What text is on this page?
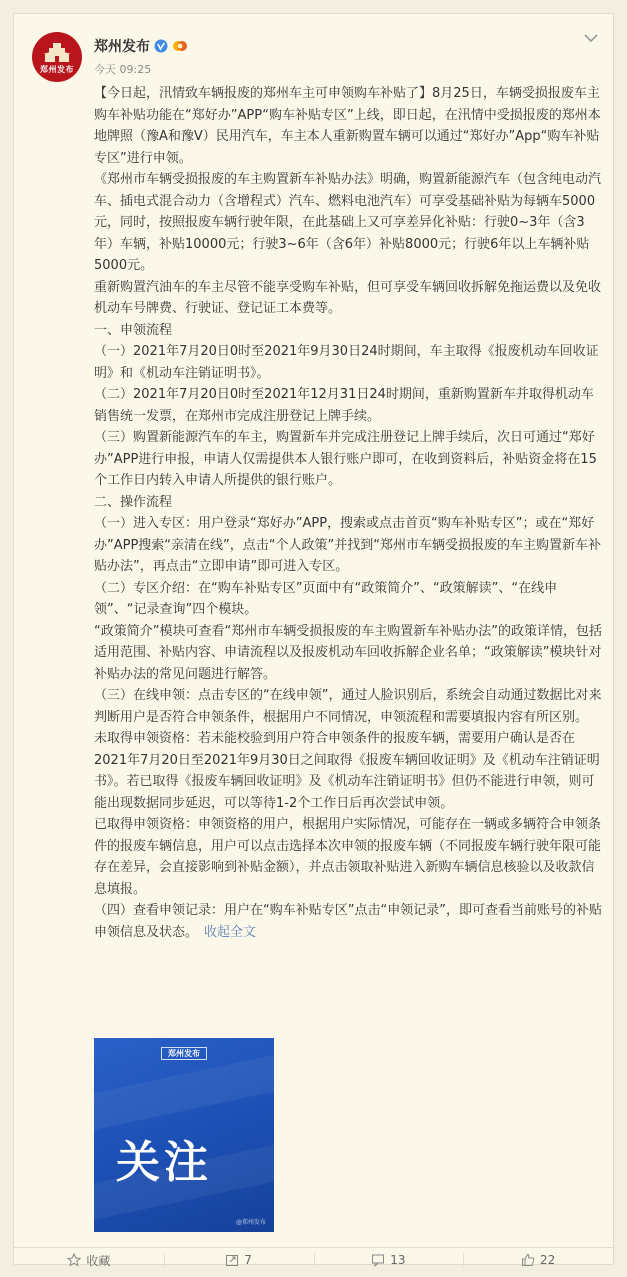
郑州发布
郑州发布
今天 09:25

【今日起，汛情致车辆报废的郑州车主可申领购车补贴了】8月25日，车辆受损报废车主购车补贴功能在“郑好办”APP“购车补贴专区”上线，即日起，在汛情中受损报废的郑州本地牌照（豫A和豫V）民用汽车，车主本人重新购置车辆可以通过“郑好办”App“购车补贴专区”进行申领。

《郑州市车辆受损报废的车主购置新车补贴办法》明确，购置新能源汽车（包含纯电动汽车、插电式混合动力（含增程式）汽车、燃料电池汽车）可享受基础补贴为每辆车5000元，同时，按照报废车辆行驶年限，在此基础上又可享差异化补贴：行驶0~3年（含3年）车辆，补贴10000元；行驶3~6年（含6年）补贴8000元；行驶6年以上车辆补贴5000元。

重新购置汽油车的车主尽管不能享受购车补贴，但可享受车辆回收拆解免拖运费以及免收机动车号牌费、行驶证、登记证工本费等。

一、申领流程

（一）2021年7月20日0时至2021年9月30日24时期间，车主取得《报废机动车回收证明》和《机动车注销证明书》。

（二）2021年7月20日0时至2021年12月31日24时期间，重新购置新车并取得机动车销售统一发票，在郑州市完成注册登记上牌手续。

（三）购置新能源汽车的车主，购置新车并完成注册登记上牌手续后，次日可通过“郑好办”APP进行申报，申请人仅需提供本人银行账户即可，在收到资料后，补贴资金将在15个工作日内转入申请人所提供的银行账户。

二、操作流程

（一）进入专区：用户登录“郑好办”APP，搜索或点击首页“购车补贴专区”；或在“郑好办”APP搜索“亲清在线”，点击“个人政策”并找到“郑州市车辆受损报废的车主购置新车补贴办法”，再点击“立即申请”即可进入专区。

（二）专区介绍：在“购车补贴专区”页面中有“政策简介”、“政策解读”、“在线申领”、“记录查询”四个模块。

“政策简介”模块可查看“郑州市车辆受损报废的车主购置新车补贴办法”的政策详情，包括适用范围、补贴内容、申请流程以及报废机动车回收拆解企业名单；“政策解读”模块针对补贴办法的常见问题进行解答。

（三）在线申领：点击专区的“在线申领”，通过人脸识别后，系统会自动通过数据比对来判断用户是否符合申领条件，根据用户不同情况，申领流程和需要填报内容有所区别。

未取得申领资格：若未能校验到用户符合申领条件的报废车辆，需要用户确认是否在2021年7月20日至2021年9月30日之间取得《报废车辆回收证明》及《机动车注销证明书》。若已取得《报废车辆回收证明》及《机动车注销证明书》但仍不能进行申领，则可能出现数据同步延迟，可以等待1-2个工作日后再次尝试申领。

已取得申领资格：申领资格的用户，根据用户实际情况，可能存在一辆或多辆符合申领条件的报废车辆信息，用户可以点击选择本次申领的报废车辆（不同报废车辆行驶年限可能存在差异，会直接影响到补贴金额），并点击领取补贴进入新购车辆信息核验以及收款信息填报。

（四）查看申领记录：用户在“购车补贴专区”点击“申领记录”，即可查看当前账号的补贴申领信息及状态。 收起全文

郑州发布
关注
@郑州发布
收藏	7	13	22
